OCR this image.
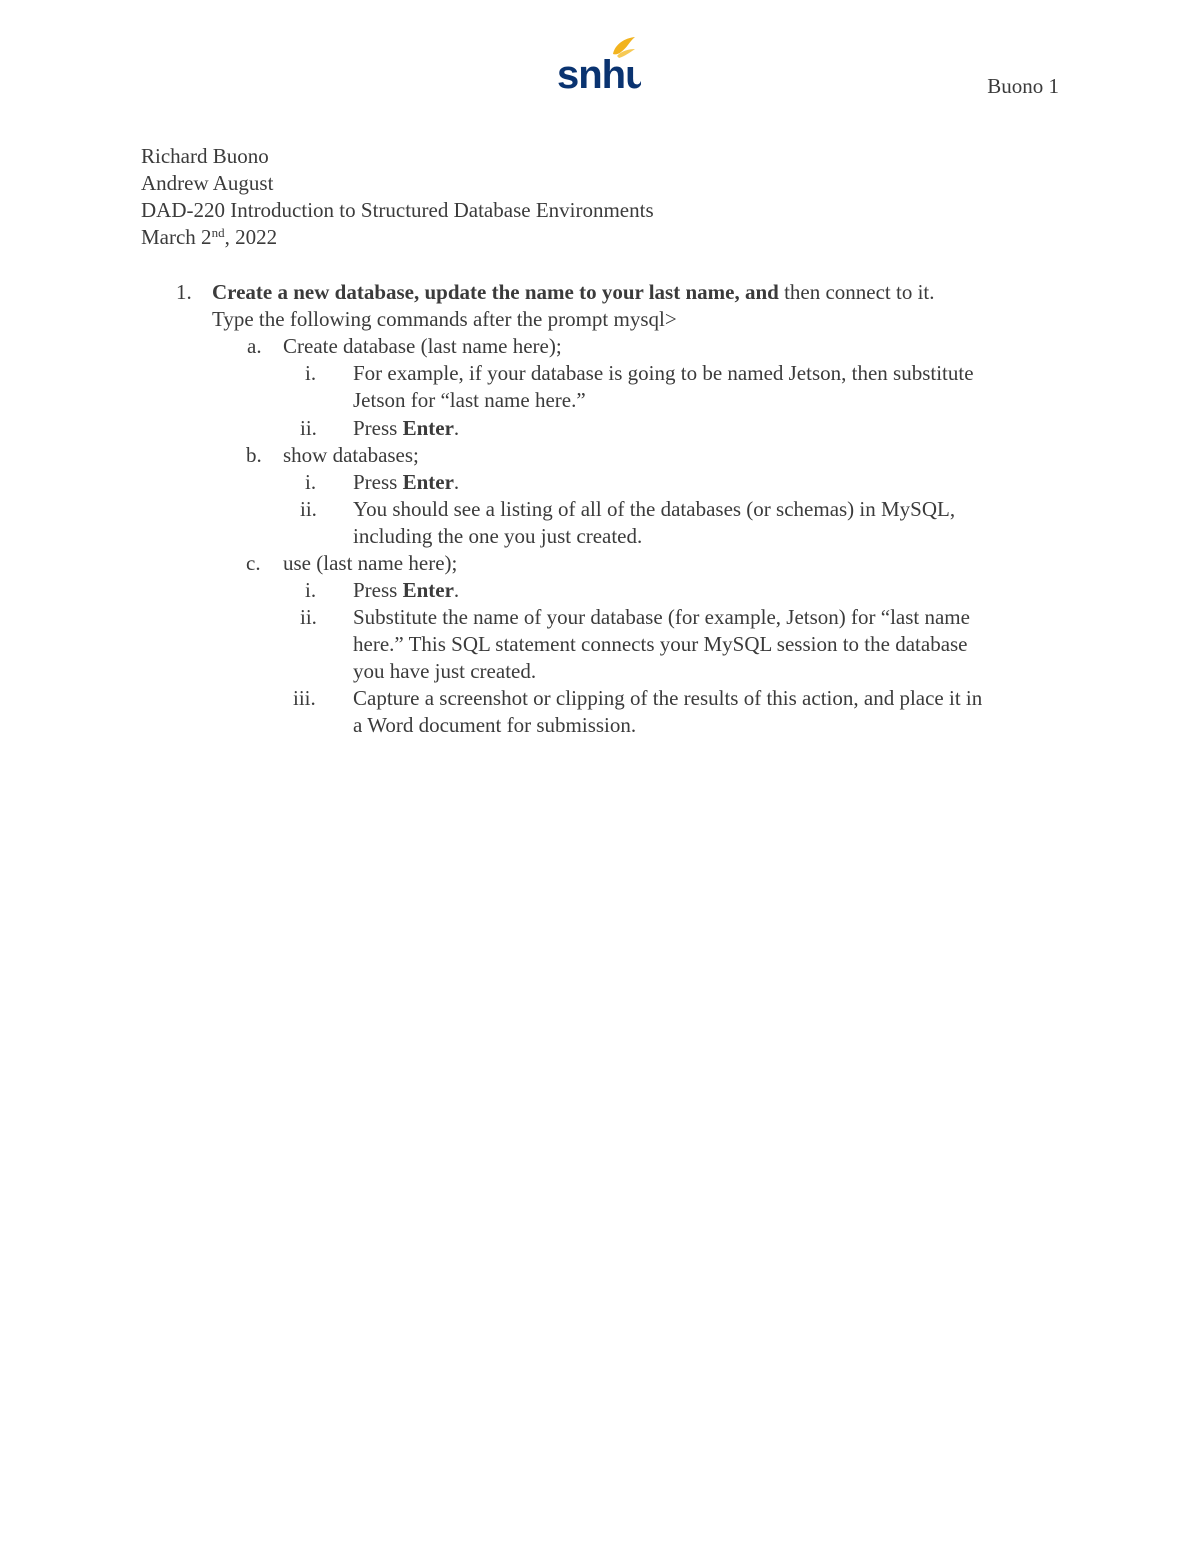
snhu	Buono 1
Richard Buono
Andrew August
DAD-220 Introduction to Structured Database Environments
March 2nd, 2022
1. Create a new database, update the name to your last name, and then connect to it.
Type the following commands after the prompt mysql>
a. Create database (last name here);
i. For example, if your database is going to be named Jetson, then substitute
Jetson for “last name here.”
ii. Press Enter.
b. show databases;
i. Press Enter.
ii. You should see a listing of all of the databases (or schemas) in MySQL,
including the one you just created.
c. use (last name here);
i. Press Enter.
ii. Substitute the name of your database (for example, Jetson) for “last name
here.” This SQL statement connects your MySQL session to the database
you have just created.
iii. Capture a screenshot or clipping of the results of this action, and place it in
a Word document for submission.
